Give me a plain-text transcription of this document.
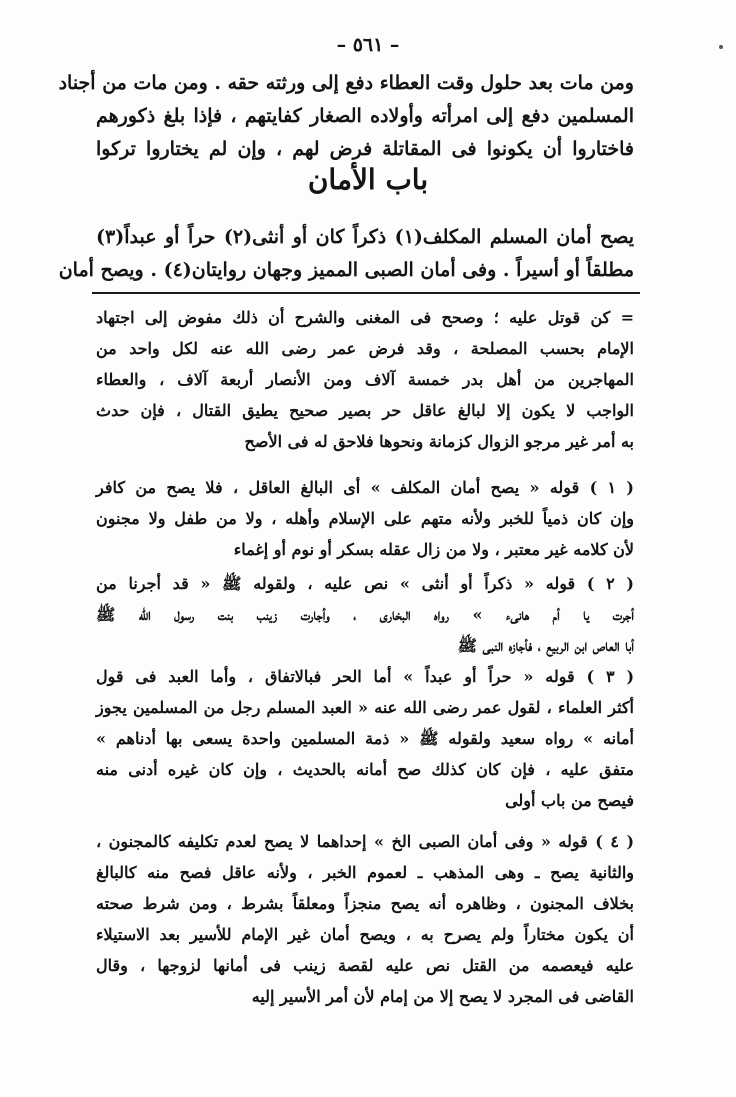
– ٥٦١ –
ومن مات بعد حلول وقت العطاء دفع إلى ورثته حقه . ومن مات من أجناد
المسلمين دفع إلى امرأته وأولاده الصغار كفايتهم ، فإذا بلغ ذكورهم
فاختاروا أن يكونوا فى المقاتلة فرض لهم ، وإن لم يختاروا تركوا
باب الأمان
يصح أمان المسلم المكلف(١) ذكراً كان أو أنثى(٢) حراً أو عبداً(٣)
مطلقاً أو أسيراً . وفى أمان الصبى المميز وجهان روايتان(٤) . ويصح أمان
= كن قوتل عليه ؛ وصحح فى المغنى والشرح أن ذلك مفوض إلى اجتهاد
الإمام بحسب المصلحة ، وقد فرض عمر رضى الله عنه لكل واحد من
المهاجرين من أهل بدر خمسة آلاف ومن الأنصار أربعة آلاف ، والعطاء
الواجب لا يكون إلا لبالغ عاقل حر بصير صحيح يطيق القتال ، فإن حدث
به أمر غير مرجو الزوال كزمانة ونحوها فلاحق له فى الأصح
( ١ ) قوله « يصح أمان المكلف » أى البالغ العاقل ، فلا يصح من كافر
وإن كان ذمياً للخبر ولأنه متهم على الإسلام وأهله ، ولا من طفل ولا مجنون
لأن كلامه غير معتبر ، ولا من زال عقله بسكر أو نوم أو إغماء
( ٢ ) قوله « ذكراً أو أنثى » نص عليه ، ولقوله ﷺ « قد أجرنا من
أجرت يا أم هانىء » رواه البخارى ، وأجارت زينب بنت رسول الله ﷺ
أبا العاص ابن الربيع ، فأجازه النبى ﷺ
( ٣ ) قوله « حراً أو عبداً » أما الحر فبالاتفاق ، وأما العبد فى قول
أكثر العلماء ، لقول عمر رضى الله عنه « العبد المسلم رجل من المسلمين يجوز
أمانه » رواه سعيد ولقوله ﷺ « ذمة المسلمين واحدة يسعى بها أدناهم »
متفق عليه ، فإن كان كذلك صح أمانه بالحديث ، وإن كان غيره أدنى منه
فيصح من باب أولى
( ٤ ) قوله « وفى أمان الصبى الخ » إحداهما لا يصح لعدم تكليفه كالمجنون ،
والثانية يصح ـ وهى المذهب ـ لعموم الخبر ، ولأنه عاقل فصح منه كالبالغ
بخلاف المجنون ، وظاهره أنه يصح منجزاً ومعلقاً بشرط ، ومن شرط صحته
أن يكون مختاراً ولم يصرح به ، ويصح أمان غير الإمام للأسير بعد الاستيلاء
عليه فيعصمه من القتل نص عليه لقصة زينب فى أمانها لزوجها ، وقال
القاضى فى المجرد لا يصح إلا من إمام لأن أمر الأسير إليه
